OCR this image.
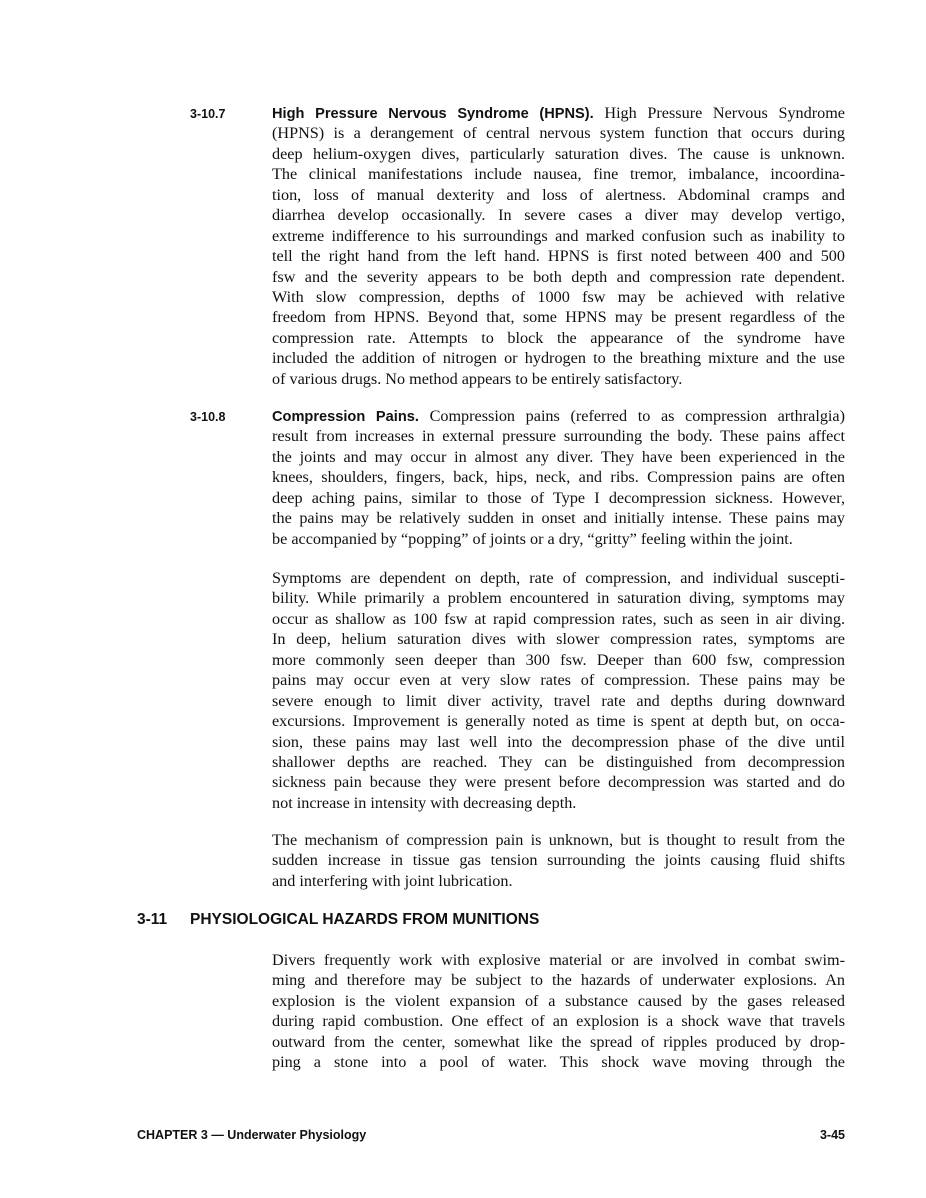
3-10.7	High Pressure Nervous Syndrome (HPNS). High Pressure Nervous Syndrome
(HPNS) is a derangement of central nervous system function that occurs during
deep helium-oxygen dives, particularly saturation dives. The cause is unknown.
The clinical manifestations include nausea, fine tremor, imbalance, incoordina-
tion, loss of manual dexterity and loss of alertness. Abdominal cramps and
diarrhea develop occasionally. In severe cases a diver may develop vertigo,
extreme indifference to his surroundings and marked confusion such as inability to
tell the right hand from the left hand. HPNS is first noted between 400 and 500
fsw and the severity appears to be both depth and compression rate dependent.
With slow compression, depths of 1000 fsw may be achieved with relative
freedom from HPNS. Beyond that, some HPNS may be present regardless of the
compression rate. Attempts to block the appearance of the syndrome have
included the addition of nitrogen or hydrogen to the breathing mixture and the use
of various drugs. No method appears to be entirely satisfactory.
3-10.8	Compression Pains. Compression pains (referred to as compression arthralgia)
result from increases in external pressure surrounding the body. These pains affect
the joints and may occur in almost any diver. They have been experienced in the
knees, shoulders, fingers, back, hips, neck, and ribs. Compression pains are often
deep aching pains, similar to those of Type I decompression sickness. However,
the pains may be relatively sudden in onset and initially intense. These pains may
be accompanied by “popping” of joints or a dry, “gritty” feeling within the joint.
Symptoms are dependent on depth, rate of compression, and individual suscepti-
bility. While primarily a problem encountered in saturation diving, symptoms may
occur as shallow as 100 fsw at rapid compression rates, such as seen in air diving.
In deep, helium saturation dives with slower compression rates, symptoms are
more commonly seen deeper than 300 fsw. Deeper than 600 fsw, compression
pains may occur even at very slow rates of compression. These pains may be
severe enough to limit diver activity, travel rate and depths during downward
excursions. Improvement is generally noted as time is spent at depth but, on occa-
sion, these pains may last well into the decompression phase of the dive until
shallower depths are reached. They can be distinguished from decompression
sickness pain because they were present before decompression was started and do
not increase in intensity with decreasing depth.
The mechanism of compression pain is unknown, but is thought to result from the
sudden increase in tissue gas tension surrounding the joints causing fluid shifts
and interfering with joint lubrication.
3-11 PHYSIOLOGICAL HAZARDS FROM MUNITIONS
Divers frequently work with explosive material or are involved in combat swim-
ming and therefore may be subject to the hazards of underwater explosions. An
explosion is the violent expansion of a substance caused by the gases released
during rapid combustion. One effect of an explosion is a shock wave that travels
outward from the center, somewhat like the spread of ripples produced by drop-
ping a stone into a pool of water. This shock wave moving through the
CHAPTER 3 — Underwater Physiology	3-45
